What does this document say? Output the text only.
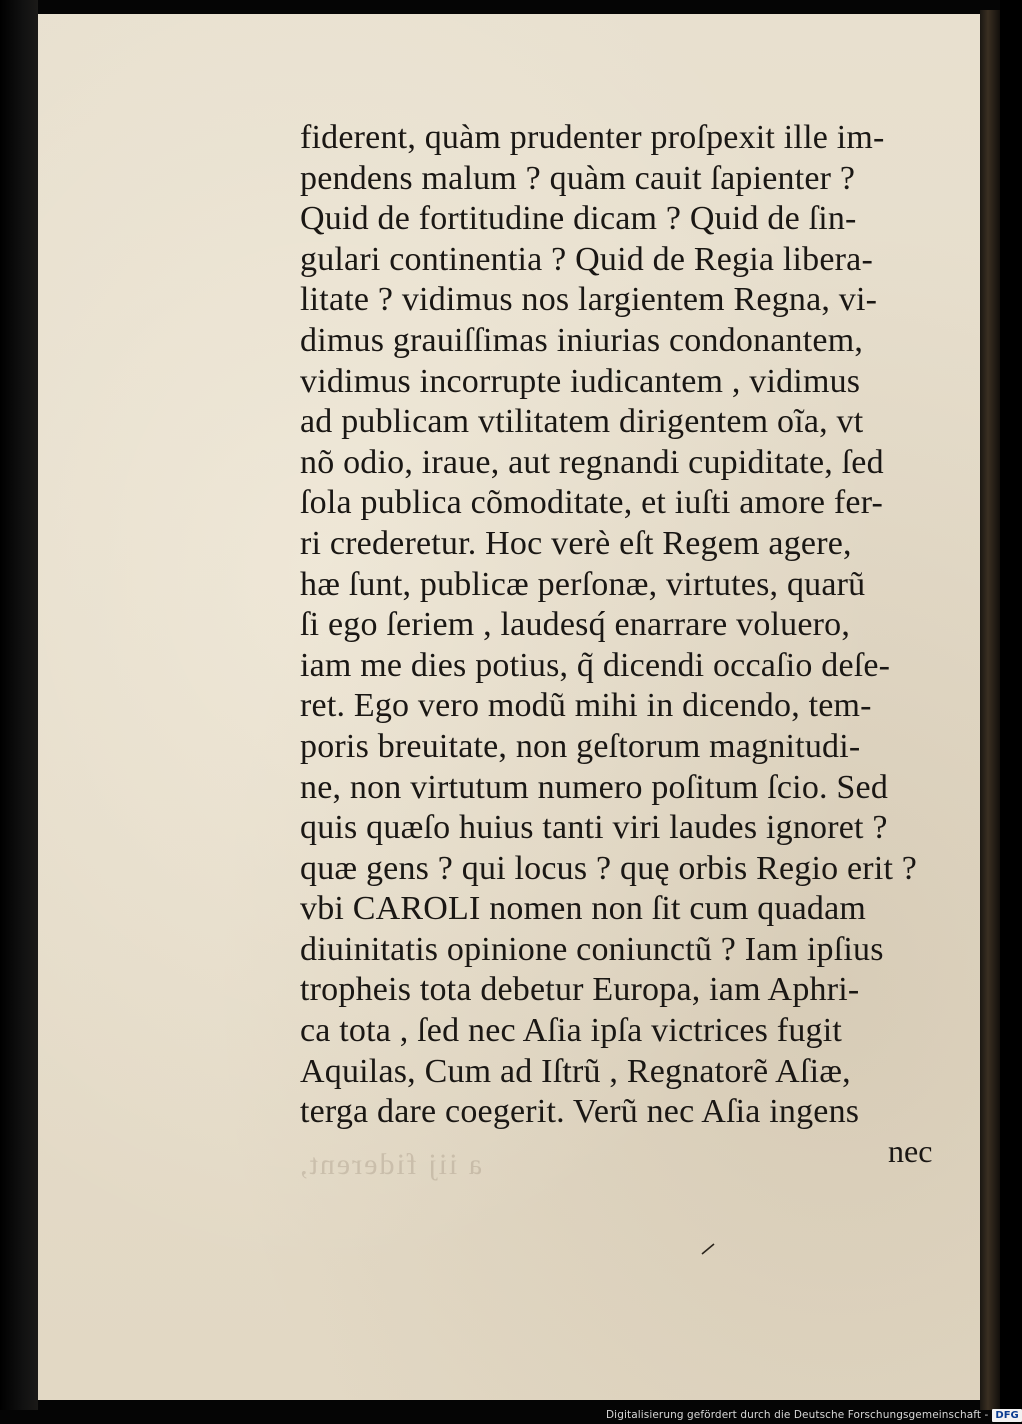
a iij fiderent,
fiderent, quàm prudenter proſpexit ille im-
pendens malum ? quàm cauit ſapienter ?
Quid de fortitudine dicam ? Quid de ſin-
gulari continentia ? Quid de Regia libera-
litate ? vidimus nos largientem Regna, vi-
dimus grauiſſimas iniurias condonantem,
vidimus incorrupte iudicantem , vidimus
ad publicam vtilitatem dirigentem oĩa, vt
nõ odio, iraue, aut regnandi cupiditate, ſed
ſola publica cõmoditate, et iuſti amore fer-
ri crederetur. Hoc verè eſt Regem agere,
hæ ſunt, publicæ perſonæ, virtutes, quarũ
ſi ego ſeriem , laudesq́ enarrare voluero,
iam me dies potius, q̃ dicendi occaſio deſe-
ret. Ego vero modũ mihi in dicendo, tem-
poris breuitate, non geſtorum magnitudi-
ne, non virtutum numero poſitum ſcio. Sed
quis quæſo huius tanti viri laudes ignoret ?
quæ gens ? qui locus ? quę orbis Regio erit ?
vbi CAROLI nomen non ſit cum quadam
diuinitatis opinione coniunctũ ? Iam ipſius
tropheis tota debetur Europa, iam Aphri-
ca tota , ſed nec Aſia ipſa victrices fugit
Aquilas, Cum ad Iſtrũ , Regnatorẽ Aſiæ,
terga dare coegerit. Verũ nec Aſia ingens
nec
Digitalisierung gefördert durch die Deutsche Forschungsgemeinschaft - DFG
